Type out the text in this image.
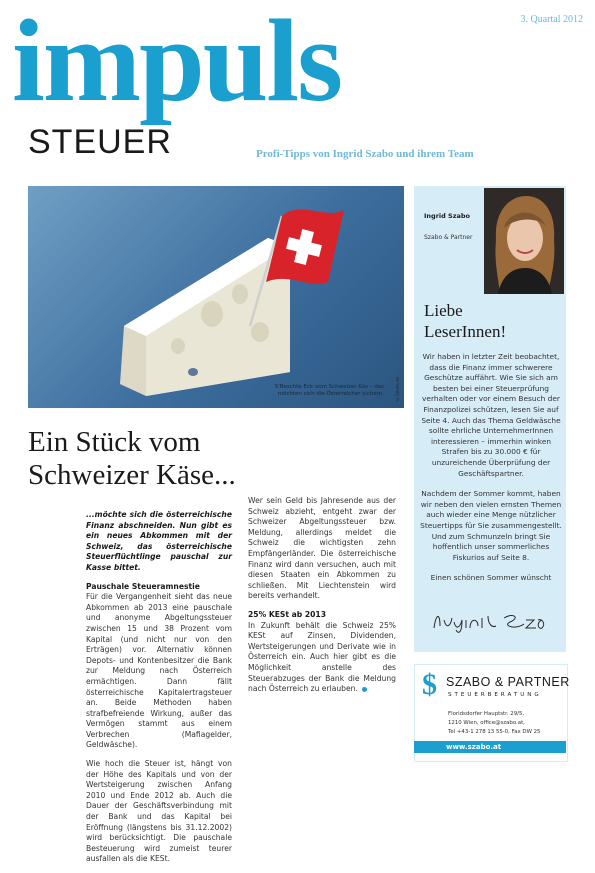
impuls
STEUER
3. Quartal 2012
Profi-Tipps von Ingrid Szabo und ihrem Team
S'Beschte Eck vom Schweizer Käs – das möchten sich die Österreicher sichern.	© fotolia.de
Ein Stück vom
Schweizer Käse...

...möchte sich die österreichische Finanz abschneiden. Nun gibt es ein neues Abkommen mit der Schweiz, das österreichische Steuerflüchtlinge pauschal zur Kasse bittet.

Pauschale Steueramnestie

Für die Vergangenheit sieht das neue Abkommen ab 2013 eine pauschale und anonyme Abgeltungssteuer zwischen 15 und 38 Prozent vom Kapital (und nicht nur von den Erträgen) vor. Alternativ können Depots- und Kontenbesitzer die Bank zur Meldung nach Österreich ermächtigen. Dann fällt österreichische Kapitalertragsteuer an. Beide Methoden haben strafbefreiende Wirkung, außer das Vermögen stammt aus einem Verbrechen (Mafiagelder, Geldwäsche).

Wie hoch die Steuer ist, hängt von der Höhe des Kapitals und von der Wertsteigerung zwischen Anfang 2010 und Ende 2012 ab. Auch die Dauer der Geschäftsverbindung mit der Bank und das Kapital bei Eröffnung (längstens bis 31.12.2002) wird berücksichtigt. Die pauschale Besteuerung wird zumeist teurer ausfallen als die KESt.

Wer sein Geld bis Jahresende aus der Schweiz abzieht, entgeht zwar der Schweizer Abgeltungssteuer bzw. Meldung, allerdings meldet die Schweiz die wichtigsten zehn Empfängerländer. Die österreichische Finanz wird dann versuchen, auch mit diesen Staaten ein Abkommen zu schließen. Mit Liechtenstein wird bereits verhandelt.

25% KESt ab 2013

In Zukunft behält die Schweiz 25% KESt auf Zinsen, Dividenden, Wertsteigerungen und Derivate wie in Österreich ein. Auch hier gibt es die Möglichkeit anstelle des Steuerabzuges der Bank die Meldung nach Österreich zu erlauben.

Ingrid Szabo
Szabo & Partner
Liebe
LeserInnen!

Wir haben in letzter Zeit beobachtet, dass die Finanz immer schwerere Geschütze auffährt. Wie Sie sich am besten bei einer Steuerprüfung verhalten oder vor einem Besuch der Finanzpolizei schützen, lesen Sie auf Seite 4. Auch das Thema Geldwäsche sollte ehrliche UnternehmerInnen interessieren – immerhin winken Strafen bis zu 30.000 € für unzureichende Überprüfung der Geschäftspartner.

Nachdem der Sommer kommt, haben wir neben den vielen ernsten Themen auch wieder eine Menge nützlicher Steuertipps für Sie zusammengestellt. Und zum Schmunzeln bringt Sie hoffentlich unser sommerliches Fiskurios auf Seite 8.

Einen schönen Sommer wünscht

$ SZABO & PARTNER
STEUERBERATUNG
Floridsdorfer Hauptstr. 29/5,
1210 Wien, office@szabo.at,
Tel +43-1 278 13 55-0, Fax DW 25
www.szabo.at
